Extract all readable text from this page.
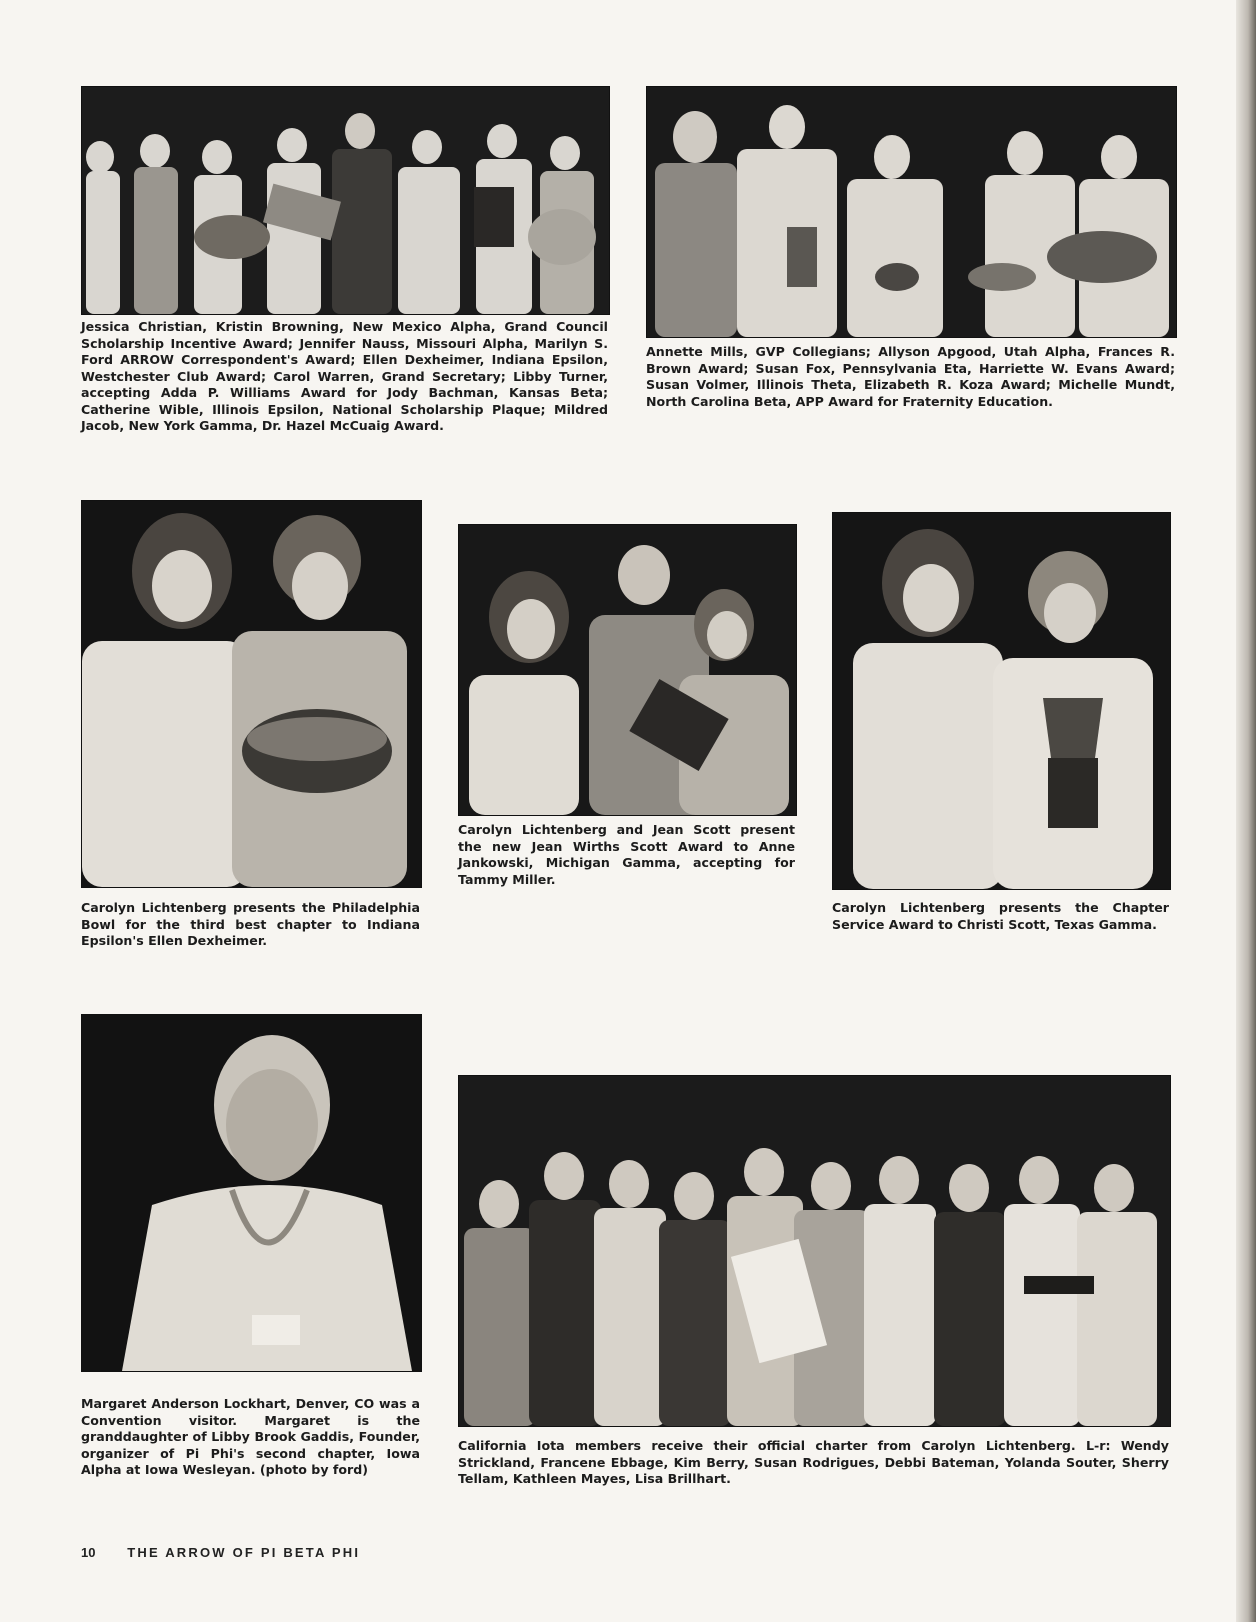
Jessica Christian, Kristin Browning, New Mexico Alpha, Grand Council Scholarship Incentive Award; Jennifer Nauss, Missouri Alpha, Marilyn S. Ford ARROW Correspondent's Award; Ellen Dexheimer, Indiana Epsilon, Westchester Club Award; Carol Warren, Grand Secretary; Libby Turner, accepting Adda P. Williams Award for Jody Bachman, Kansas Beta; Catherine Wible, Illinois Epsilon, National Scholarship Plaque; Mildred Jacob, New York Gamma, Dr. Hazel McCuaig Award.

Annette Mills, GVP Collegians; Allyson Apgood, Utah Alpha, Frances R. Brown Award; Susan Fox, Pennsylvania Eta, Harriette W. Evans Award; Susan Volmer, Illinois Theta, Elizabeth R. Koza Award; Michelle Mundt, North Carolina Beta, APP Award for Fraternity Education.

Carolyn Lichtenberg presents the Philadelphia Bowl for the third best chapter to Indiana Epsilon's Ellen Dexheimer.

Carolyn Lichtenberg and Jean Scott present the new Jean Wirths Scott Award to Anne Jankowski, Michigan Gamma, accepting for Tammy Miller.

Carolyn Lichtenberg presents the Chapter Service Award to Christi Scott, Texas Gamma.

Margaret Anderson Lockhart, Denver, CO was a Convention visitor. Margaret is the granddaughter of Libby Brook Gaddis, Founder, organizer of Pi Phi's second chapter, Iowa Alpha at Iowa Wesleyan. (photo by ford)

California Iota members receive their official charter from Carolyn Lichtenberg. L-r: Wendy Strickland, Francene Ebbage, Kim Berry, Susan Rodrigues, Debbi Bateman, Yolanda Souter, Sherry Tellam, Kathleen Mayes, Lisa Brillhart.

10 THE ARROW OF PI BETA PHI
